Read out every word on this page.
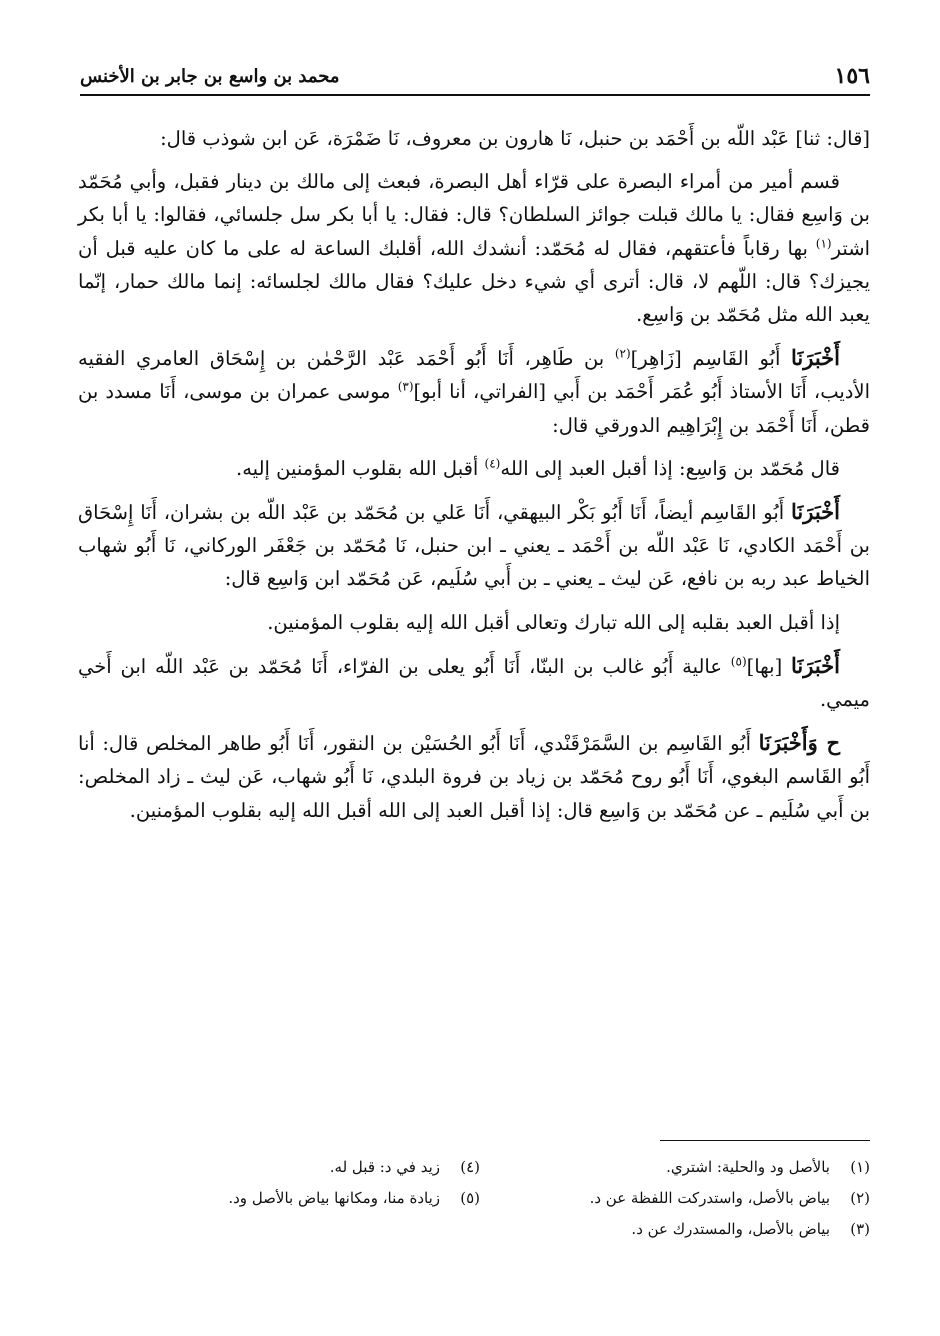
١٥٦
محمد بن واسع بن جابر بن الأخنس

[قال: ثنا] عَبْد اللّه بن أَحْمَد بن حنبل، نَا هارون بن معروف، نَا ضَمْرَة، عَن ابن شوذب قال:

قسم أمير من أمراء البصرة على قرّاء أهل البصرة، فبعث إلى مالك بن دينار فقبل، وأبي مُحَمّد بن وَاسِع فقال: يا مالك قبلت جوائز السلطان؟ قال: فقال: يا أبا بكر سل جلسائي، فقالوا: يا أبا بكر اشتر$^{(١)}$ بها رقاباً فأعتقهم، فقال له مُحَمّد: أنشدك الله، أقلبك الساعة له على ما كان عليه قبل أن يجيزك؟ قال: اللّهم لا، قال: أترى أي شيء دخل عليك؟ فقال مالك لجلسائه: إنما مالك حمار، إنّما يعبد الله مثل مُحَمّد بن وَاسِع.

أَخْبَرَنَا أَبُو القَاسِم [زَاهِر]$^{(٢)}$ بن طَاهِر، أَنَا أَبُو أَحْمَد عَبْد الرَّحْمٰن بن إِسْحَاق العامري الفقيه الأديب، أَنَا الأستاذ أَبُو عُمَر أَحْمَد بن أَبي [الفراتي، أنا أبو]$^{(٣)}$ موسى عمران بن موسى، أَنَا مسدد بن قطن، أَنَا أَحْمَد بن إِبْرَاهِيم الدورقي قال:

قال مُحَمّد بن وَاسِع: إذا أقبل العبد إلى الله$^{(٤)}$ أقبل الله بقلوب المؤمنين إليه.

أَخْبَرَنَا أَبُو القَاسِم أيضاً، أَنَا أَبُو بَكْر البيهقي، أَنَا عَلي بن مُحَمّد بن عَبْد اللّه بن بشران، أَنَا إِسْحَاق بن أَحْمَد الكادي، نَا عَبْد اللّه بن أَحْمَد ـ يعني ـ ابن حنبل، نَا مُحَمّد بن جَعْفَر الوركاني، نَا أَبُو شهاب الخياط عبد ربه بن نافع، عَن ليث ـ يعني ـ بن أَبي سُلَيم، عَن مُحَمّد ابن وَاسِع قال:

إذا أقبل العبد بقلبه إلى الله تبارك وتعالى أقبل الله إليه بقلوب المؤمنين.

أَخْبَرَنَا [بها]$^{(٥)}$ عالية أَبُو غالب بن البنّا، أَنَا أَبُو يعلى بن الفرّاء، أَنَا مُحَمّد بن عَبْد اللّه ابن أَخي ميمي.

ح وَأَخْبَرَنَا أَبُو القَاسِم بن السَّمَرْقَنْدي، أَنَا أَبُو الحُسَيْن بن النقور، أَنَا أَبُو طاهر المخلص قال: أنا أَبُو القَاسم البغوي، أَنَا أَبُو روح مُحَمّد بن زياد بن فروة البلدي، نَا أَبُو شهاب، عَن ليث ـ زاد المخلص: بن أَبي سُلَيم ـ عن مُحَمّد بن وَاسِع قال: إذا أقبل العبد إلى الله أقبل الله إليه بقلوب المؤمنين.

(١)
بالأصل ود والحلية: اشتري.
(٤)
زيد في د: قبل له.
(٢)
بياض بالأصل، واستدركت اللفظة عن د.
(٥)
زيادة منا، ومكانها بياض بالأصل ود.
(٣)
بياض بالأصل، والمستدرك عن د.
